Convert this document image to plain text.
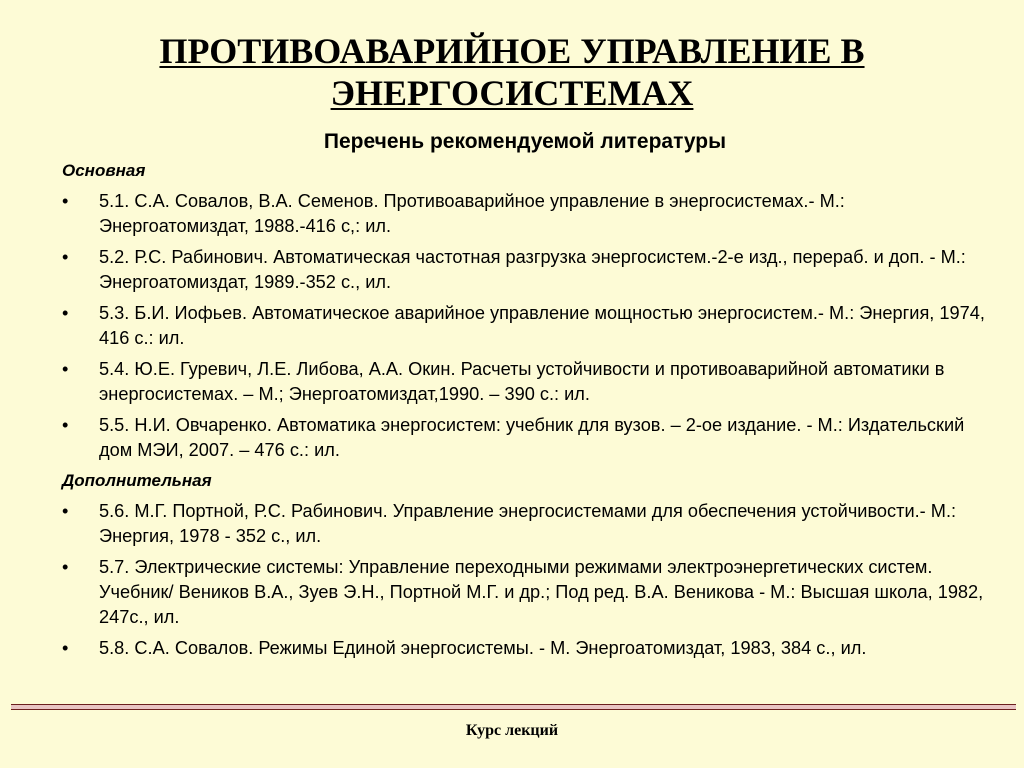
ПРОТИВОАВАРИЙНОЕ УПРАВЛЕНИЕ В
ЭНЕРГОСИСТЕМАХ
Перечень рекомендуемой литературы
Основная
• 5.1. С.А. Совалов, В.А. Семенов. Противоаварийное управление в энергосистемах.- М.: Энергоатомиздат, 1988.-416 с,: ил.
• 5.2. Р.С. Рабинович. Автоматическая частотная разгрузка энергосистем.-2-е изд., перераб. и доп. - М.: Энергоатомиздат, 1989.-352 с., ил.
• 5.3. Б.И. Иофьев. Автоматическое аварийное управление мощностью энергосистем.- М.: Энергия, 1974, 416 с.: ил.
• 5.4. Ю.Е. Гуревич, Л.Е. Либова, А.А. Окин. Расчеты устойчивости и противоаварийной автоматики в энергосистемах. – М.; Энергоатомиздат,1990. – 390 с.: ил.
• 5.5. Н.И. Овчаренко. Автоматика энергосистем: учебник для вузов. – 2-ое издание. - М.: Издательский дом МЭИ, 2007. – 476 с.: ил.
Дополнительная
• 5.6. М.Г. Портной, Р.С. Рабинович. Управление энергосистемами для обеспечения устойчивости.- М.: Энергия, 1978 - 352 с., ил.
• 5.7. Электрические системы: Управление переходными режимами электроэнергетических систем. Учебник/ Веников В.А., Зуев Э.Н., Портной М.Г. и др.; Под ред. В.А. Веникова - М.: Высшая школа, 1982, 247с., ил.
• 5.8. С.А. Совалов. Режимы Единой энергосистемы. - М. Энергоатомиздат, 1983, 384 с., ил.
Курс лекций
